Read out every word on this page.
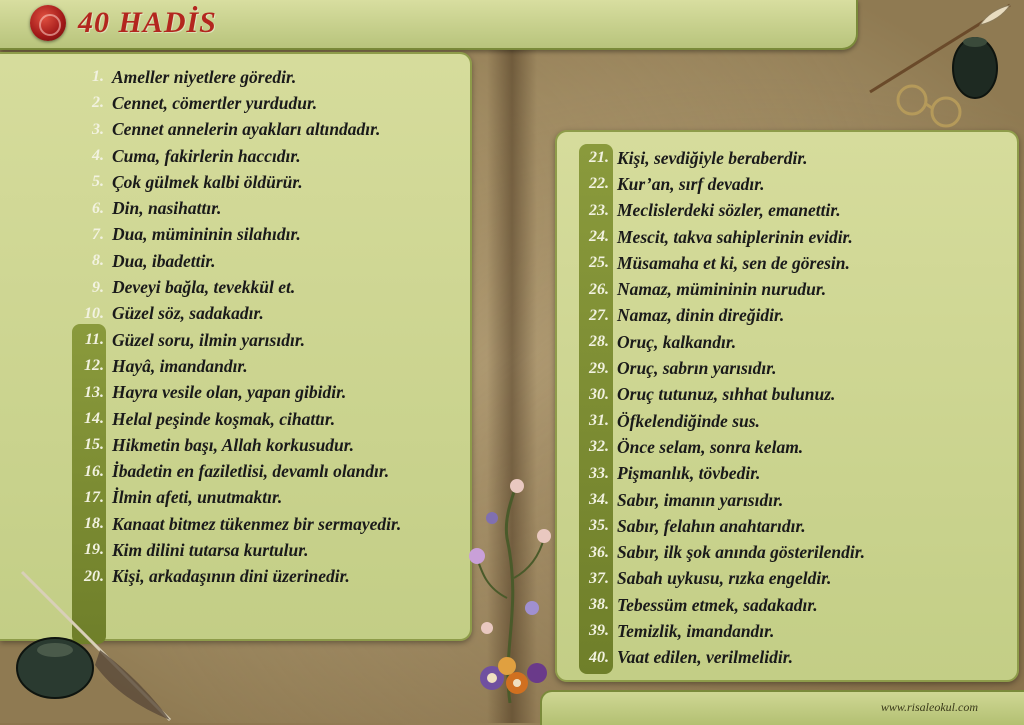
40 HADİS
1. Ameller niyetlere göredir.
2. Cennet, cömertler yurdudur.
3. Cennet annelerin ayakları altındadır.
4. Cuma, fakirlerin haccıdır.
5. Çok gülmek kalbi öldürür.
6. Din, nasihattır.
7. Dua, mümininin silahıdır.
8. Dua, ibadettir.
9. Deveyi bağla, tevekkül et.
10. Güzel söz, sadakadır.
11. Güzel soru, ilmin yarısıdır.
12. Hayâ, imandandır.
13. Hayra vesile olan, yapan gibidir.
14. Helal peşinde koşmak, cihattır.
15. Hikmetin başı, Allah korkusudur.
16. İbadetin en faziletlisi, devamlı olandır.
17. İlmin afeti, unutmaktır.
18. Kanaat bitmez tükenmez bir sermayedir.
19. Kim dilini tutarsa kurtulur.
20. Kişi, arkadaşının dini üzerinedir.
21. Kişi, sevdiğiyle beraberdir.
22. Kur’an, sırf devadır.
23. Meclislerdeki sözler, emanettir.
24. Mescit, takva sahiplerinin evidir.
25. Müsamaha et ki, sen de göresin.
26. Namaz, mümininin nurudur.
27. Namaz, dinin direğidir.
28. Oruç, kalkandır.
29. Oruç, sabrın yarısıdır.
30. Oruç tutunuz, sıhhat bulunuz.
31. Öfkelendiğinde sus.
32. Önce selam, sonra kelam.
33. Pişmanlık, tövbedir.
34. Sabır, imanın yarısıdır.
35. Sabır, felahın anahtarıdır.
36. Sabır, ilk şok anında gösterilendir.
37. Sabah uykusu, rızka engeldir.
38. Tebessüm etmek, sadakadır.
39. Temizlik, imandandır.
40. Vaat edilen, verilmelidir.
www.risaleokul.com
